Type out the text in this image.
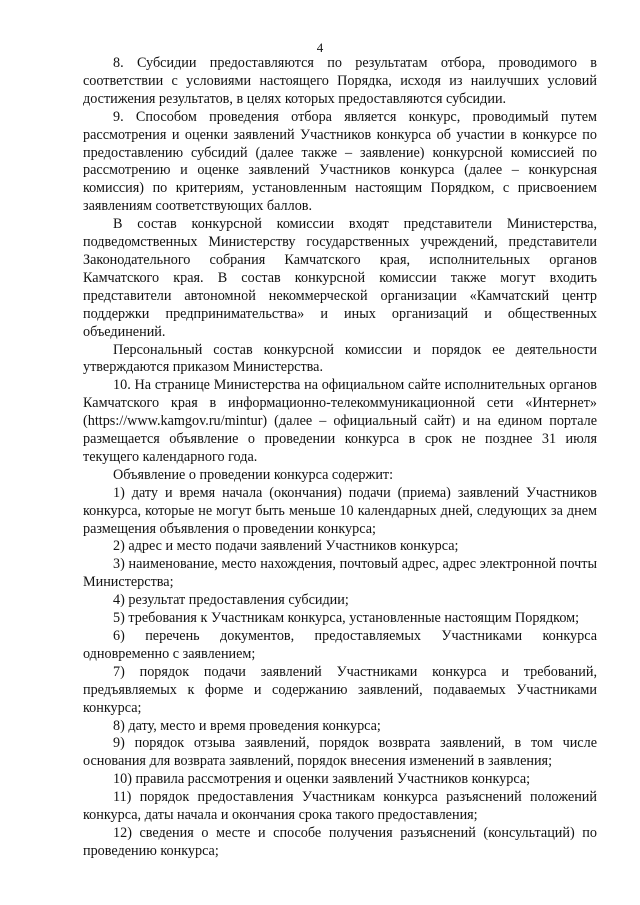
4

8. Субсидии предоставляются по результатам отбора, проводимого в соответствии с условиями настоящего Порядка, исходя из наилучших условий достижения результатов, в целях которых предоставляются субсидии.

9. Способом проведения отбора является конкурс, проводимый путем рассмотрения и оценки заявлений Участников конкурса об участии в конкурсе по предоставлению субсидий (далее также – заявление) конкурсной комиссией по рассмотрению и оценке заявлений Участников конкурса (далее – конкурсная комиссия) по критериям, установленным настоящим Порядком, с присвоением заявлениям соответствующих баллов.

В состав конкурсной комиссии входят представители Министерства, подведомственных Министерству государственных учреждений, представители Законодательного собрания Камчатского края, исполнительных органов Камчатского края. В состав конкурсной комиссии также могут входить представители автономной некоммерческой организации «Камчатский центр поддержки предпринимательства» и иных организаций и общественных объединений.

Персональный состав конкурсной комиссии и порядок ее деятельности утверждаются приказом Министерства.

10. На странице Министерства на официальном сайте исполнительных органов Камчатского края в информационно-телекоммуникационной сети «Интернет» (https://www.kamgov.ru/mintur) (далее – официальный сайт) и на едином портале размещается объявление о проведении конкурса в срок не позднее 31 июля текущего календарного года.

Объявление о проведении конкурса содержит:

1) дату и время начала (окончания) подачи (приема) заявлений Участников конкурса, которые не могут быть меньше 10 календарных дней, следующих за днем размещения объявления о проведении конкурса;

2) адрес и место подачи заявлений Участников конкурса;

3) наименование, место нахождения, почтовый адрес, адрес электронной почты Министерства;

4) результат предоставления субсидии;

5) требования к Участникам конкурса, установленные настоящим Порядком;

6) перечень документов, предоставляемых Участниками конкурса одновременно с заявлением;

7) порядок подачи заявлений Участниками конкурса и требований, предъявляемых к форме и содержанию заявлений, подаваемых Участниками конкурса;

8) дату, место и время проведения конкурса;

9) порядок отзыва заявлений, порядок возврата заявлений, в том числе основания для возврата заявлений, порядок внесения изменений в заявления;

10) правила рассмотрения и оценки заявлений Участников конкурса;

11) порядок предоставления Участникам конкурса разъяснений положений конкурса, даты начала и окончания срока такого предоставления;

12) сведения о месте и способе получения разъяснений (консультаций) по проведению конкурса;
